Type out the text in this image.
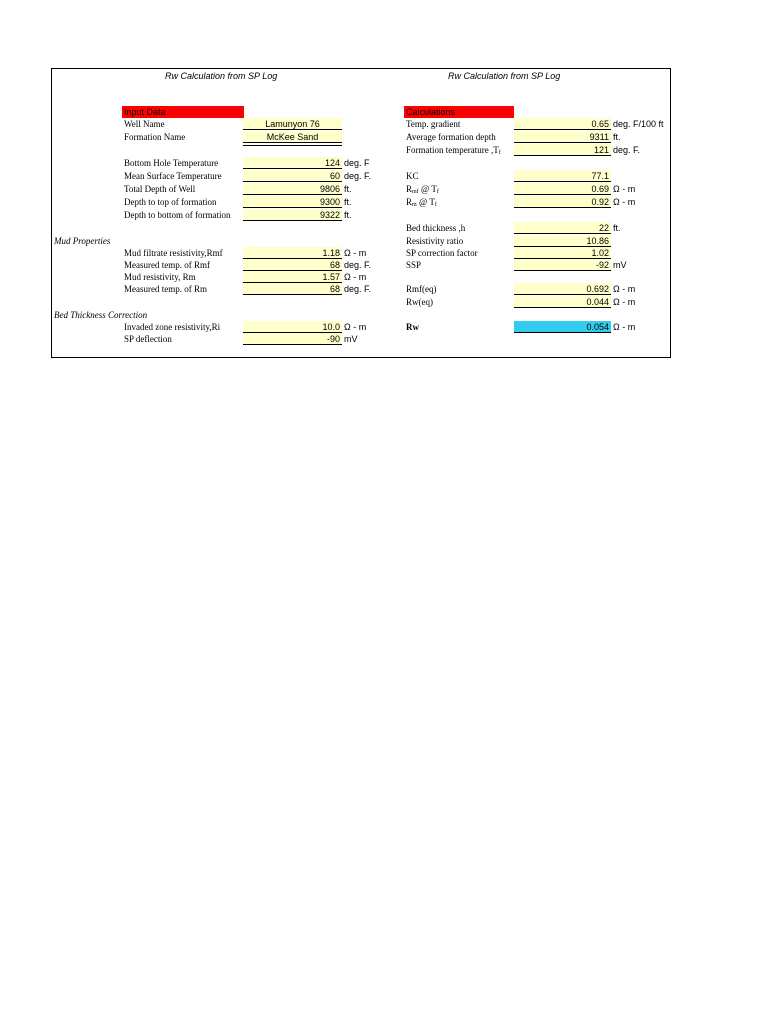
Rw Calculation from SP Log	Rw Calculation from SP Log
Input Data
Well Name	Lamunyon 76
Formation Name	McKee Sand
Bottom Hole Temperature	124 deg. F
Mean Surface Temperature	60 deg. F.
Total Depth of Well	9806 ft.
Depth to top of formation	9300 ft.
Depth to bottom of formation	9322 ft.
Mud Properties
Mud filtrate resistivity,Rmf	1.18 Ω - m
Measured temp. of Rmf	68 deg. F.
Mud resistivity, Rm	1.57 Ω - m
Measured temp. of Rm	68 deg. F.
Bed Thickness Correction
Invaded zone resistivity,Ri	10.0 Ω - m
SP deflection	-90 mV
Calculations
Temp. gradient	0.65 deg. F/100 ft
Average formation depth	9311 ft.
Formation temperature $,T_f$	121 deg. F.
KC	77.1
$R_{mf}$ @ $T_f$	0.69 Ω - m
$R_m$ @ $T_f$	0.92 Ω - m
Bed thickness ,h	22 ft.
Resistivity ratio	10.86
SP correction factor	1.02
SSP	-92 mV
Rmf(eq)	0.692 Ω - m
Rw(eq)	0.044 Ω - m
Rw	0.054 Ω - m
